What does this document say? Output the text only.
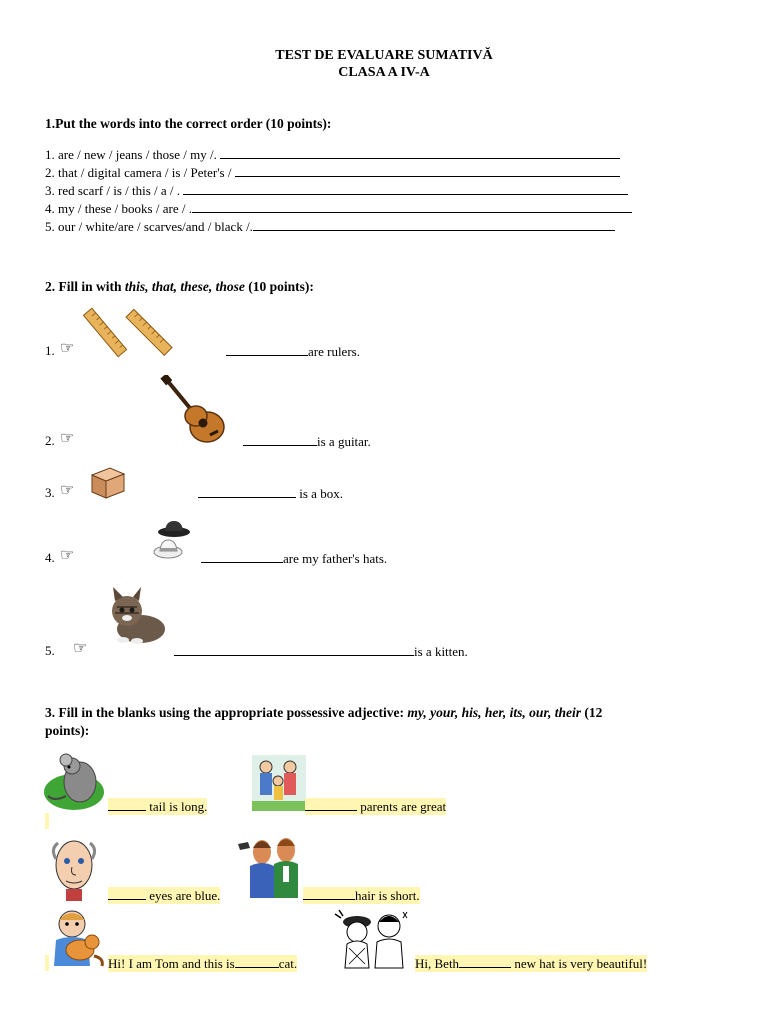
TEST DE EVALUARE SUMATIVĂ
CLASA A IV-A
1.Put the words into the correct order (10 points):
1. are / new / jeans / those / my /.
2. that / digital camera / is / Peter's /
3. red scarf / is / this / a / .
4. my / these / books / are / .
5. our / white/are / scarves/and / black /.
2. Fill in with this, that, these, those (10 points):
1. ☞	are rulers.
2. ☞	is a guitar.
3. ☞	is a box.
4. ☞	are my father's hats.
5. ☞	is a kitten.
3. Fill in the blanks using the appropriate possessive adjective: my, your, his, her, its, our, their (12
points):
tail is long.	parents are great
eyes are blue.	hair is short.
Hi! I am Tom and this is	cat.	Hi, Beth	new hat is very beautiful!
